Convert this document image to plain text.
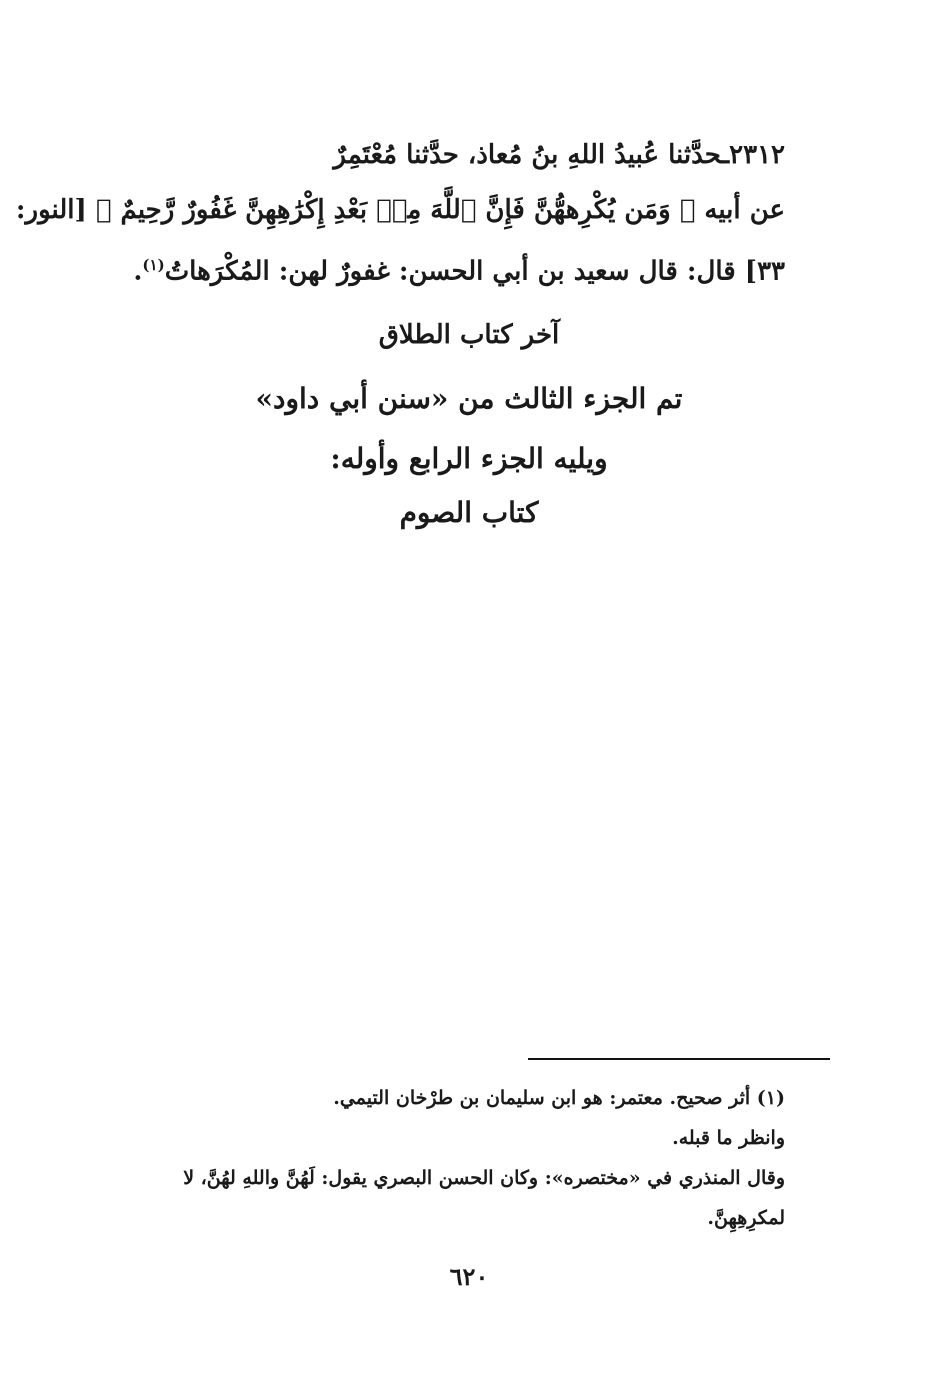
٢٣١٢ـحدَّثنا عُبيدُ اللهِ بنُ مُعاذ، حدَّثنا مُعْتَمِرٌ
عن أبيه ﴿ وَمَن يُكْرِههُّنَّ فَإِنَّ ٱللَّهَ مِنۢ بَعْدِ إِكْرَٰهِهِنَّ غَفُورٌ رَّحِيمٌ ﴾ [النور:
٣٣] قال: قال سعيد بن أبي الحسن: غفورٌ لهن: المُكْرَهاتُ$^{(١)}$.
آخر كتاب الطلاق
تم الجزء الثالث من «سنن أبي داود»
ويليه الجزء الرابع وأوله:
كتاب الصوم
(١) أثر صحيح. معتمر: هو ابن سليمان بن طرْخان التيمي.
وانظر ما قبله.
وقال المنذري في «مختصره»: وكان الحسن البصري يقول: لَهُنَّ واللهِ لهُنَّ، لا
لمكرِهِهِنَّ.
٦٢٠
